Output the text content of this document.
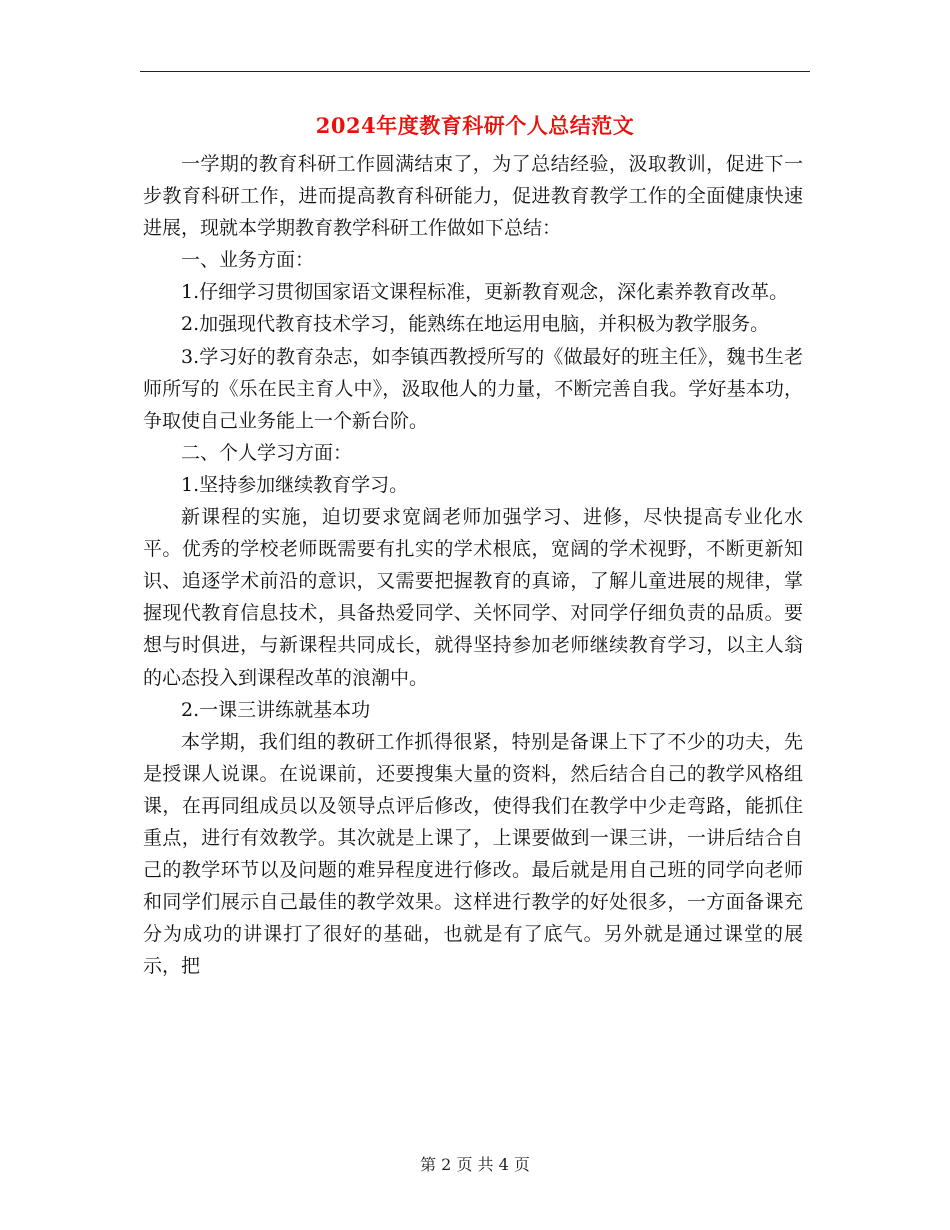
2024年度教育科研个人总结范文

一学期的教育科研工作圆满结束了，为了总结经验，汲取教训，促进下一步教育科研工作，进而提高教育科研能力，促进教育教学工作的全面健康快速进展，现就本学期教育教学科研工作做如下总结：

一、业务方面：

1.仔细学习贯彻国家语文课程标准，更新教育观念，深化素养教育改革。

2.加强现代教育技术学习，能熟练在地运用电脑，并积极为教学服务。

3.学习好的教育杂志，如李镇西教授所写的《做最好的班主任》，魏书生老师所写的《乐在民主育人中》，汲取他人的力量，不断完善自我。学好基本功，争取使自己业务能上一个新台阶。

二、个人学习方面：

1.坚持参加继续教育学习。

新课程的实施，迫切要求宽阔老师加强学习、进修，尽快提高专业化水平。优秀的学校老师既需要有扎实的学术根底，宽阔的学术视野，不断更新知识、追逐学术前沿的意识，又需要把握教育的真谛，了解儿童进展的规律，掌握现代教育信息技术，具备热爱同学、关怀同学、对同学仔细负责的品质。要想与时俱进，与新课程共同成长，就得坚持参加老师继续教育学习，以主人翁的心态投入到课程改革的浪潮中。

2.一课三讲练就基本功

本学期，我们组的教研工作抓得很紧，特别是备课上下了不少的功夫，先是授课人说课。在说课前，还要搜集大量的资料，然后结合自己的教学风格组课，在再同组成员以及领导点评后修改，使得我们在教学中少走弯路，能抓住重点，进行有效教学。其次就是上课了，上课要做到一课三讲，一讲后结合自己的教学环节以及问题的难异程度进行修改。最后就是用自己班的同学向老师和同学们展示自己最佳的教学效果。这样进行教学的好处很多，一方面备课充分为成功的讲课打了很好的基础，也就是有了底气。另外就是通过课堂的展示，把

第 2 页 共 4 页
